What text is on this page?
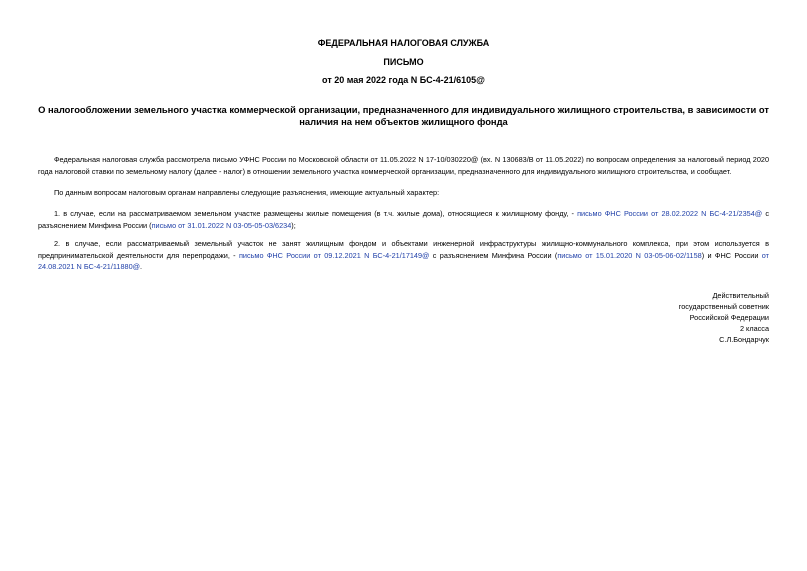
ФЕДЕРАЛЬНАЯ НАЛОГОВАЯ СЛУЖБА

ПИСЬМО

от 20 мая 2022 года N БС-4-21/6105@

О налогообложении земельного участка коммерческой организации, предназначенного для индивидуального жилищного строительства, в зависимости от наличия на нем объектов жилищного фонда
Федеральная налоговая служба рассмотрела письмо УФНС России по Московской области от 11.05.2022 N 17-10/030220@ (вх. N 130683/В от 11.05.2022) по вопросам определения за налоговый период 2020 года налоговой ставки по земельному налогу (далее - налог) в отношении земельного участка коммерческой организации, предназначенного для индивидуального жилищного строительства, и сообщает.
По данным вопросам налоговым органам направлены следующие разъяснения, имеющие актуальный характер:
1. в случае, если на рассматриваемом земельном участке размещены жилые помещения (в т.ч. жилые дома), относящиеся к жилищному фонду, - письмо ФНС России от 28.02.2022 N БС-4-21/2354@ с разъяснением Минфина России (письмо от 31.01.2022 N 03-05-05-03/6234);
2. в случае, если рассматриваемый земельный участок не занят жилищным фондом и объектами инженерной инфраструктуры жилищно-коммунального комплекса, при этом используется в предпринимательской деятельности для перепродажи, - письмо ФНС России от 09.12.2021 N БС-4-21/17149@ с разъяснением Минфина России (письмо от 15.01.2020 N 03-05-06-02/1158) и ФНС России от 24.08.2021 N БС-4-21/11880@.
Действительный
государственный советник
Российской Федерации
2 класса
С.Л.Бондарчук
